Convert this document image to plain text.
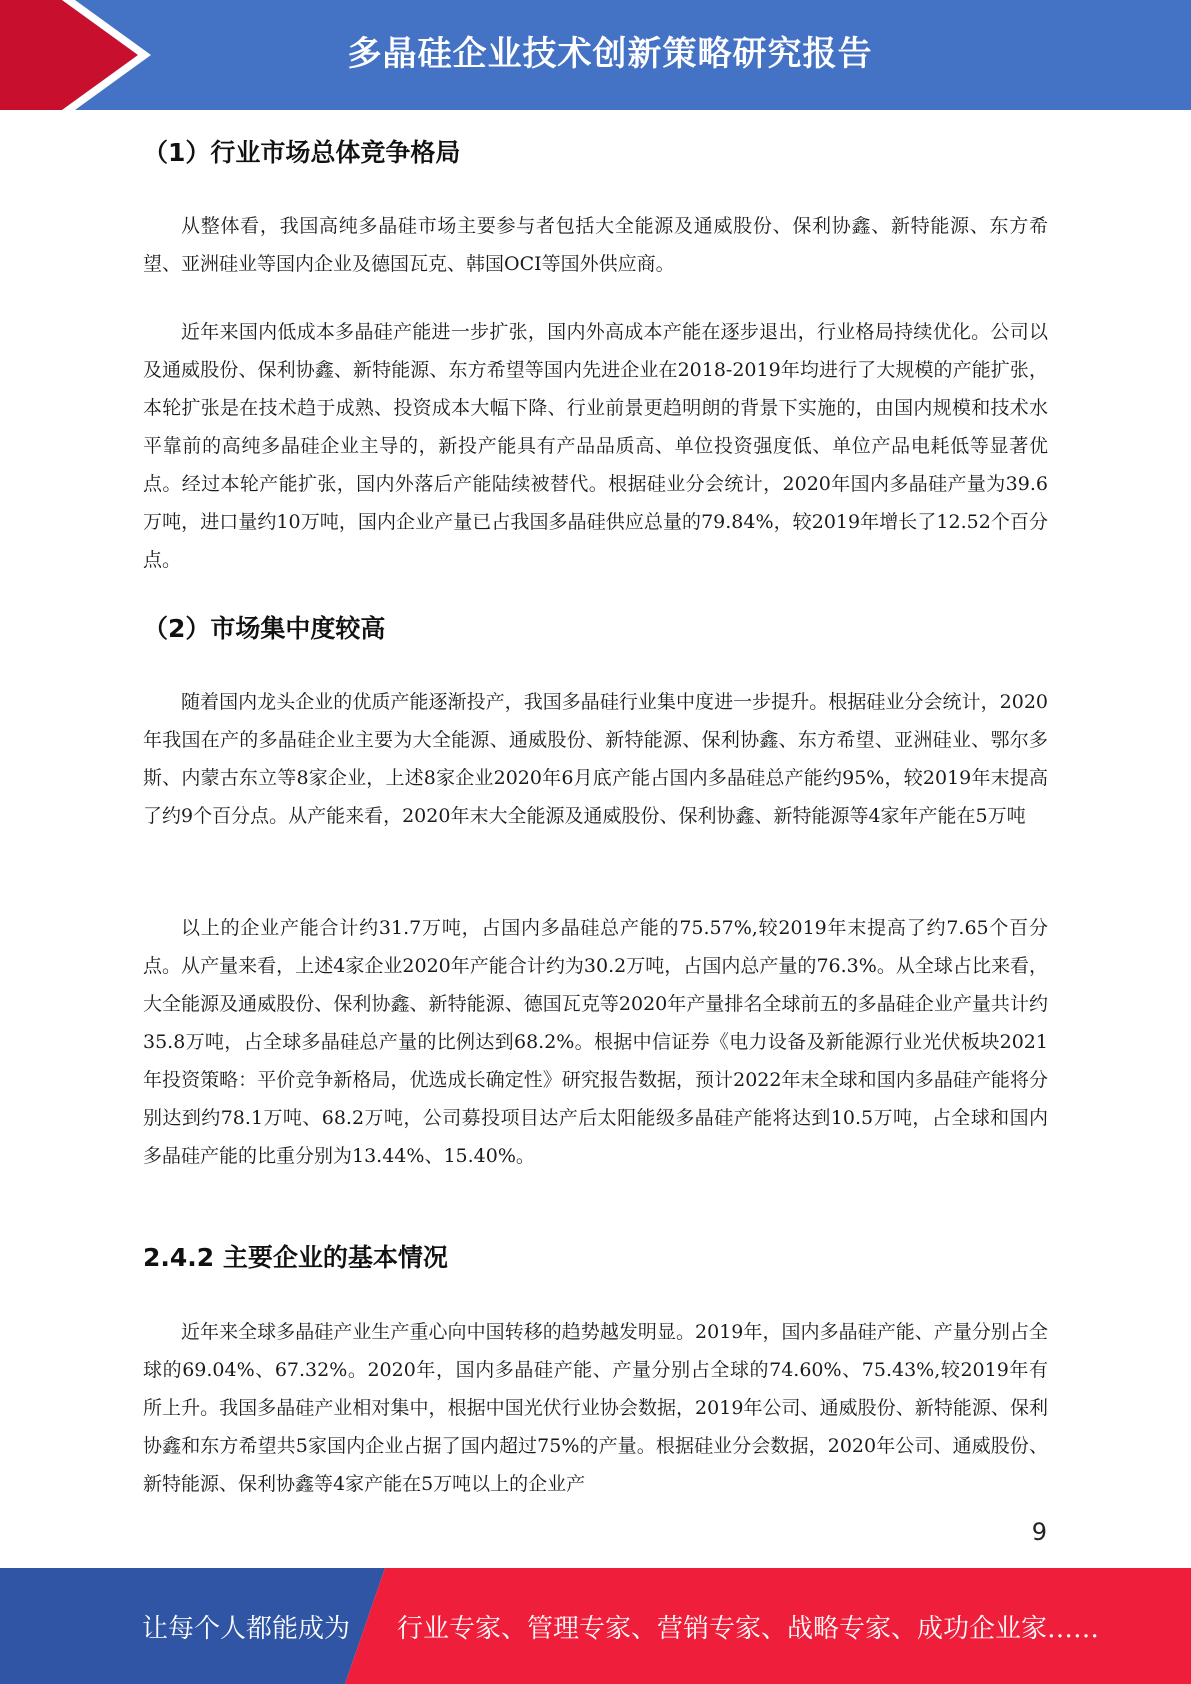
多晶硅企业技术创新策略研究报告
（1）行业市场总体竞争格局

从整体看，我国高纯多晶硅市场主要参与者包括大全能源及通威股份、保利协鑫、新特能源、东方希望、亚洲硅业等国内企业及德国瓦克、韩国OCI等国外供应商。

近年来国内低成本多晶硅产能进一步扩张，国内外高成本产能在逐步退出，行业格局持续优化。公司以及通威股份、保利协鑫、新特能源、东方希望等国内先进企业在2018-2019年均进行了大规模的产能扩张，本轮扩张是在技术趋于成熟、投资成本大幅下降、行业前景更趋明朗的背景下实施的，由国内规模和技术水平靠前的高纯多晶硅企业主导的，新投产能具有产品品质高、单位投资强度低、单位产品电耗低等显著优点。经过本轮产能扩张，国内外落后产能陆续被替代。根据硅业分会统计，2020年国内多晶硅产量为39.6万吨，进口量约10万吨，国内企业产量已占我国多晶硅供应总量的79.84%，较2019年增长了12.52个百分点。

（2）市场集中度较高

随着国内龙头企业的优质产能逐渐投产，我国多晶硅行业集中度进一步提升。根据硅业分会统计，2020年我国在产的多晶硅企业主要为大全能源、通威股份、新特能源、保利协鑫、东方希望、亚洲硅业、鄂尔多斯、内蒙古东立等8家企业，上述8家企业2020年6月底产能占国内多晶硅总产能约95%，较2019年末提高了约9个百分点。从产能来看，2020年末大全能源及通威股份、保利协鑫、新特能源等4家年产能在5万吨

以上的企业产能合计约31.7万吨，占国内多晶硅总产能的75.57%,较2019年末提高了约7.65个百分点。从产量来看，上述4家企业2020年产能合计约为30.2万吨，占国内总产量的76.3%。从全球占比来看，大全能源及通威股份、保利协鑫、新特能源、德国瓦克等2020年产量排名全球前五的多晶硅企业产量共计约35.8万吨，占全球多晶硅总产量的比例达到68.2%。根据中信证券《电力设备及新能源行业光伏板块2021年投资策略：平价竞争新格局，优选成长确定性》研究报告数据，预计2022年末全球和国内多晶硅产能将分别达到约78.1万吨、68.2万吨，公司募投项目达产后太阳能级多晶硅产能将达到10.5万吨，占全球和国内多晶硅产能的比重分别为13.44%、15.40%。

2.4.2 主要企业的基本情况

近年来全球多晶硅产业生产重心向中国转移的趋势越发明显。2019年，国内多晶硅产能、产量分别占全球的69.04%、67.32%。2020年，国内多晶硅产能、产量分别占全球的74.60%、75.43%,较2019年有所上升。我国多晶硅产业相对集中，根据中国光伏行业协会数据，2019年公司、通威股份、新特能源、保利协鑫和东方希望共5家国内企业占据了国内超过75%的产量。根据硅业分会数据，2020年公司、通威股份、新特能源、保利协鑫等4家产能在5万吨以上的企业产

9
让每个人都能成为 行业专家、管理专家、营销专家、战略专家、成功企业家……
